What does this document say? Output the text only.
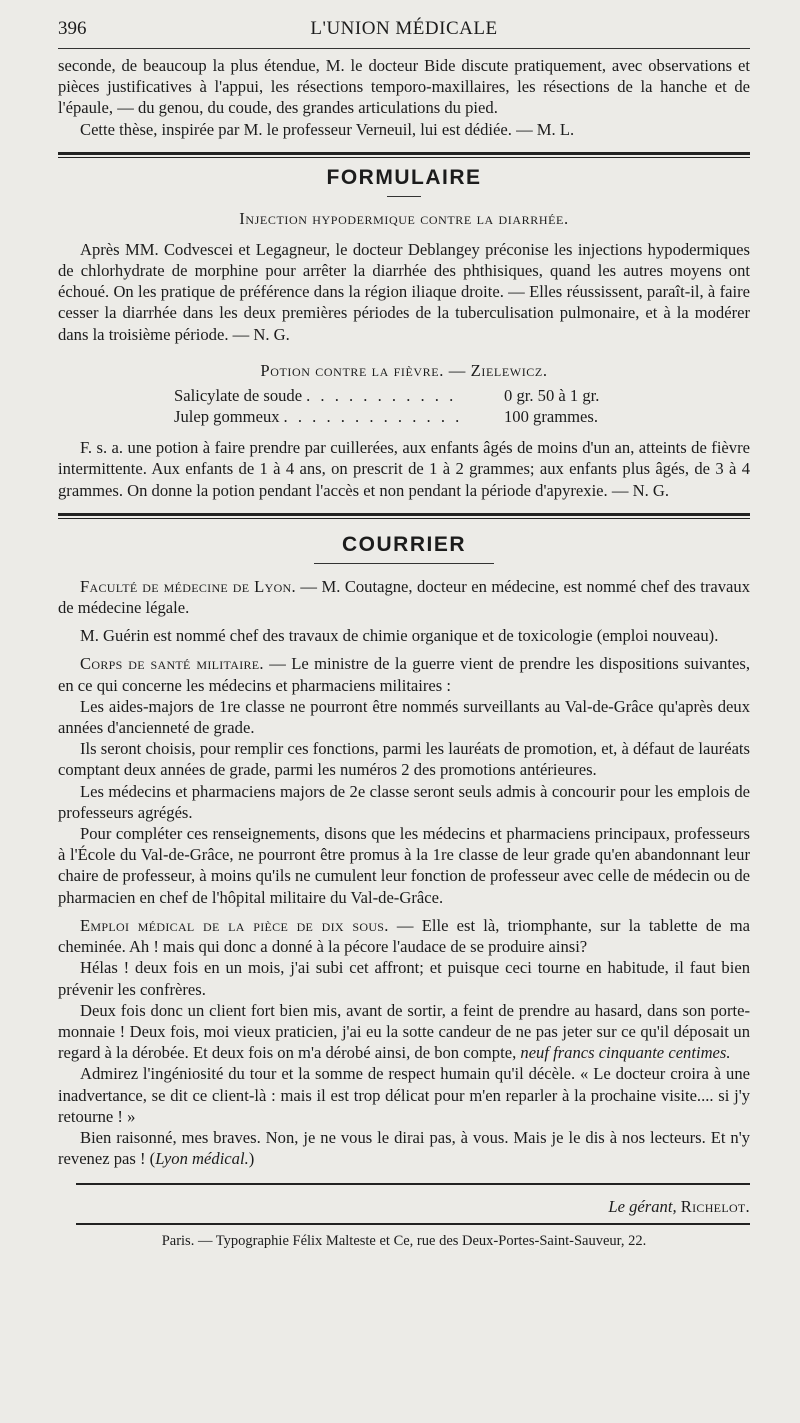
396	L'UNION MÉDICALE

seconde, de beaucoup la plus étendue, M. le docteur Bide discute pratiquement, avec observations et pièces justificatives à l'appui, les résections temporo-maxillaires, les résections de la hanche et de l'épaule, — du genou, du coude, des grandes articulations du pied.

Cette thèse, inspirée par M. le professeur Verneuil, lui est dédiée. — M. L.

FORMULAIRE
Injection hypodermique contre la diarrhée.

Après MM. Codvescei et Legagneur, le docteur Deblangey préconise les injections hypodermiques de chlorhydrate de morphine pour arrêter la diarrhée des phthisiques, quand les autres moyens ont échoué. On les pratique de préférence dans la région iliaque droite. — Elles réussissent, paraît-il, à faire cesser la diarrhée dans les deux premières périodes de la tuberculisation pulmonaire, et à la modérer dans la troisième période. — N. G.

Potion contre la fièvre. — Zielewicz.
Salicylate de soude . . . . . . . . . . .	0 gr. 50 à 1 gr.
Julep gommeux . . . . . . . . . . . . .	100 grammes.

F. s. a. une potion à faire prendre par cuillerées, aux enfants âgés de moins d'un an, atteints de fièvre intermittente. Aux enfants de 1 à 4 ans, on prescrit de 1 à 2 grammes; aux enfants plus âgés, de 3 à 4 grammes. On donne la potion pendant l'accès et non pendant la période d'apyrexie. — N. G.

COURRIER

Faculté de médecine de Lyon. — M. Coutagne, docteur en médecine, est nommé chef des travaux de médecine légale.

M. Guérin est nommé chef des travaux de chimie organique et de toxicologie (emploi nouveau).

Corps de santé militaire. — Le ministre de la guerre vient de prendre les dispositions suivantes, en ce qui concerne les médecins et pharmaciens militaires :

Les aides-majors de 1re classe ne pourront être nommés surveillants au Val-de-Grâce qu'après deux années d'ancienneté de grade.

Ils seront choisis, pour remplir ces fonctions, parmi les lauréats de promotion, et, à défaut de lauréats comptant deux années de grade, parmi les numéros 2 des promotions antérieures.

Les médecins et pharmaciens majors de 2e classe seront seuls admis à concourir pour les emplois de professeurs agrégés.

Pour compléter ces renseignements, disons que les médecins et pharmaciens principaux, professeurs à l'École du Val-de-Grâce, ne pourront être promus à la 1re classe de leur grade qu'en abandonnant leur chaire de professeur, à moins qu'ils ne cumulent leur fonction de professeur avec celle de médecin ou de pharmacien en chef de l'hôpital militaire du Val-de-Grâce.

Emploi médical de la pièce de dix sous. — Elle est là, triomphante, sur la tablette de ma cheminée. Ah ! mais qui donc a donné à la pécore l'audace de se produire ainsi?

Hélas ! deux fois en un mois, j'ai subi cet affront; et puisque ceci tourne en habitude, il faut bien prévenir les confrères.

Deux fois donc un client fort bien mis, avant de sortir, a feint de prendre au hasard, dans son porte-monnaie ! Deux fois, moi vieux praticien, j'ai eu la sotte candeur de ne pas jeter sur ce qu'il déposait un regard à la dérobée. Et deux fois on m'a dérobé ainsi, de bon compte, neuf francs cinquante centimes.

Admirez l'ingéniosité du tour et la somme de respect humain qu'il décèle. « Le docteur croira à une inadvertance, se dit ce client-là : mais il est trop délicat pour m'en reparler à la prochaine visite.... si j'y retourne ! »

Bien raisonné, mes braves. Non, je ne vous le dirai pas, à vous. Mais je le dis à nos lecteurs. Et n'y revenez pas ! (Lyon médical.)

Le gérant, Richelot.
Paris. — Typographie Félix Malteste et Ce, rue des Deux-Portes-Saint-Sauveur, 22.
